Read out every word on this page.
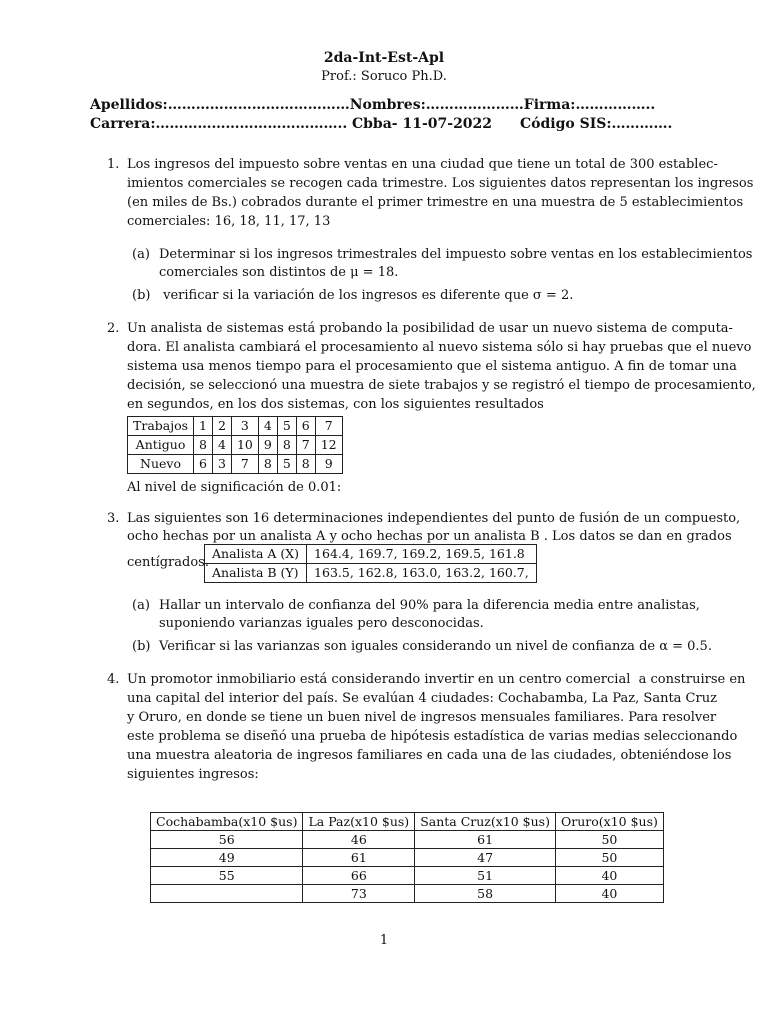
2da-Int-Est-Apl
Prof.: Soruco Ph.D.
Apellidos:…………………………………Nombres:…………………Firma:……………..
Carrera:………………………………….. Cbba- 11-07-2022 Código SIS:………….
1. Los ingresos del impuesto sobre ventas en una ciudad que tiene un total de 300 establec-
imientos comerciales se recogen cada trimestre. Los siguientes datos representan los ingresos
(en miles de Bs.) cobrados durante el primer trimestre en una muestra de 5 establecimientos
comerciales: 16, 18, 11, 17, 13
(a) Determinar si los ingresos trimestrales del impuesto sobre ventas en los establecimientos
comerciales son distintos de μ = 18.
(b) verificar si la variación de los ingresos es diferente que σ = 2.
2. Un analista de sistemas está probando la posibilidad de usar un nuevo sistema de computa-
dora. El analista cambiará el procesamiento al nuevo sistema sólo si hay pruebas que el nuevo
sistema usa menos tiempo para el procesamiento que el sistema antiguo. A fin de tomar una
decisión, se seleccionó una muestra de siete trabajos y se registró el tiempo de procesamiento,
en segundos, en los dos sistemas, con los siguientes resultados
Trabajos	1	2	3	4	5	6	7
Antiguo	8	4	10	9	8	7	12
Nuevo	6	3	7	8	5	8	9
Al nivel de significación de 0.01:
3. Las siguientes son 16 determinaciones independientes del punto de fusión de un compuesto,
ocho hechas por un analista A y ocho hechas por un analista B . Los datos se dan en grados
centígrados.
Analista A (X)	164.4, 169.7, 169.2, 169.5, 161.8
Analista B (Y)	163.5, 162.8, 163.0, 163.2, 160.7,
(a) Hallar un intervalo de confianza del 90% para la diferencia media entre analistas,
suponiendo varianzas iguales pero desconocidas.
(b) Verificar si las varianzas son iguales considerando un nivel de confianza de α = 0.5.
4. Un promotor inmobiliario está considerando invertir en un centro comercial  a construirse en
una capital del interior del país. Se evalúan 4 ciudades: Cochabamba, La Paz, Santa Cruz
y Oruro, en donde se tiene un buen nivel de ingresos mensuales familiares. Para resolver
este problema se diseñó una prueba de hipótesis estadística de varias medias seleccionando
una muestra aleatoria de ingresos familiares en cada una de las ciudades, obteniéndose los
siguientes ingresos:
Cochabamba(x10 $us)	La Paz(x10 $us)	Santa Cruz(x10 $us)	Oruro(x10 $us)
56	46	61	50
49	61	47	50
55	66	51	40
	73	58	40
1
